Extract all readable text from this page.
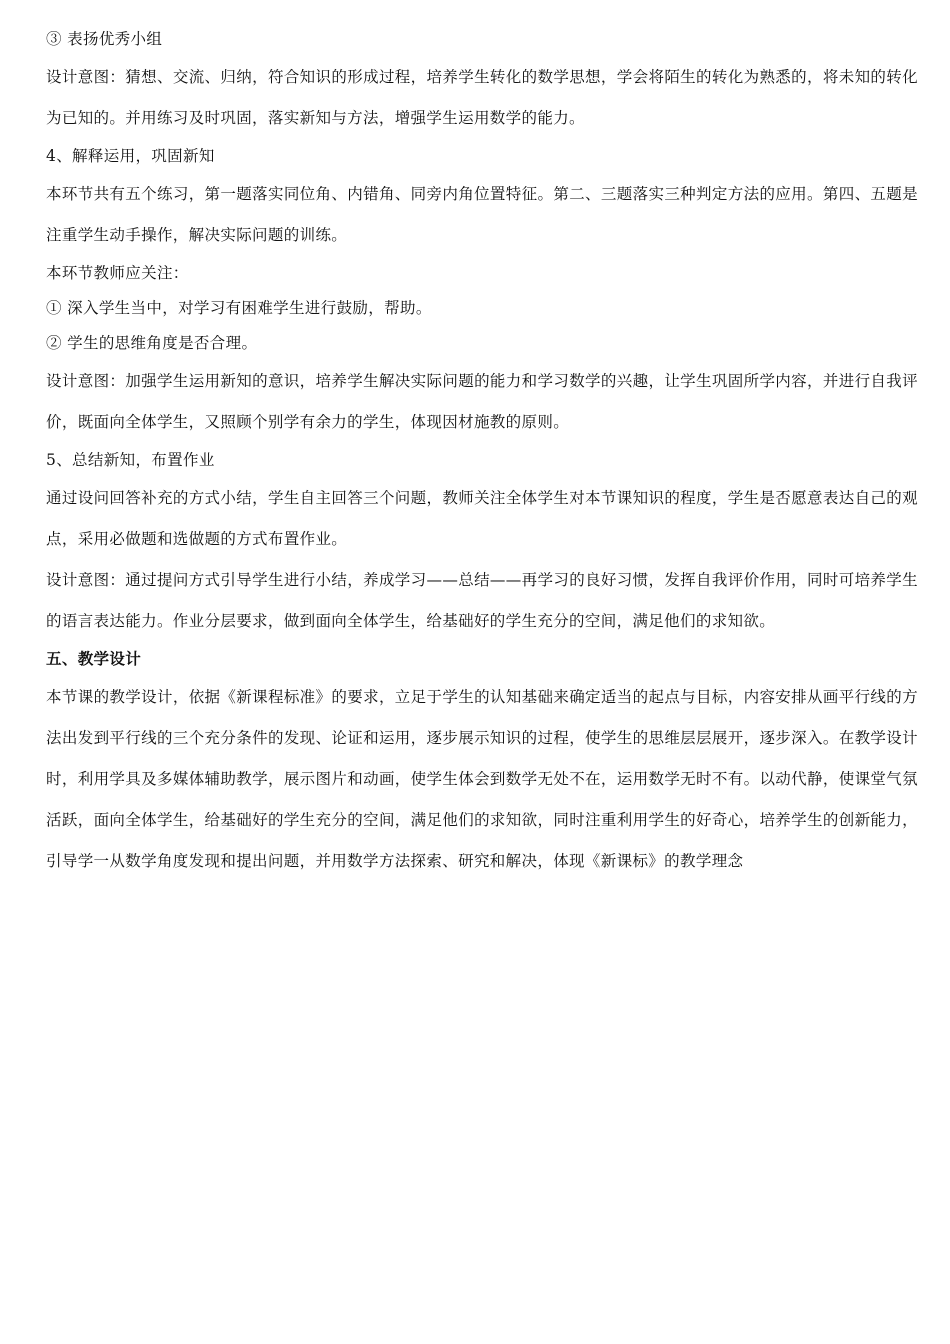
③ 表扬优秀小组

设计意图：猜想、交流、归纳，符合知识的形成过程，培养学生转化的数学思想，学会将陌生的转化为熟悉的，将未知的转化为已知的。并用练习及时巩固，落实新知与方法，增强学生运用数学的能力。

4、解释运用，巩固新知

本环节共有五个练习，第一题落实同位角、内错角、同旁内角位置特征。第二、三题落实三种判定方法的应用。第四、五题是注重学生动手操作，解决实际问题的训练。

本环节教师应关注：

① 深入学生当中，对学习有困难学生进行鼓励，帮助。

② 学生的思维角度是否合理。

设计意图：加强学生运用新知的意识，培养学生解决实际问题的能力和学习数学的兴趣，让学生巩固所学内容，并进行自我评价，既面向全体学生，又照顾个别学有余力的学生，体现因材施教的原则。

5、总结新知，布置作业

通过设问回答补充的方式小结，学生自主回答三个问题，教师关注全体学生对本节课知识的程度，学生是否愿意表达自己的观点，采用必做题和选做题的方式布置作业。

设计意图：通过提问方式引导学生进行小结，养成学习——总结——再学习的良好习惯，发挥自我评价作用，同时可培养学生的语言表达能力。作业分层要求，做到面向全体学生，给基础好的学生充分的空间，满足他们的求知欲。

五、教学设计

本节课的教学设计，依据《新课程标准》的要求，立足于学生的认知基础来确定适当的起点与目标，内容安排从画平行线的方法出发到平行线的三个充分条件的发现、论证和运用，逐步展示知识的过程，使学生的思维层层展开，逐步深入。在教学设计时，利用学具及多媒体辅助教学，展示图片和动画，使学生体会到数学无处不在，运用数学无时不有。以动代静，使课堂气氛活跃，面向全体学生，给基础好的学生充分的空间，满足他们的求知欲，同时注重利用学生的好奇心，培养学生的创新能力，引导学一从数学角度发现和提出问题，并用数学方法探索、研究和解决，体现《新课标》的教学理念
